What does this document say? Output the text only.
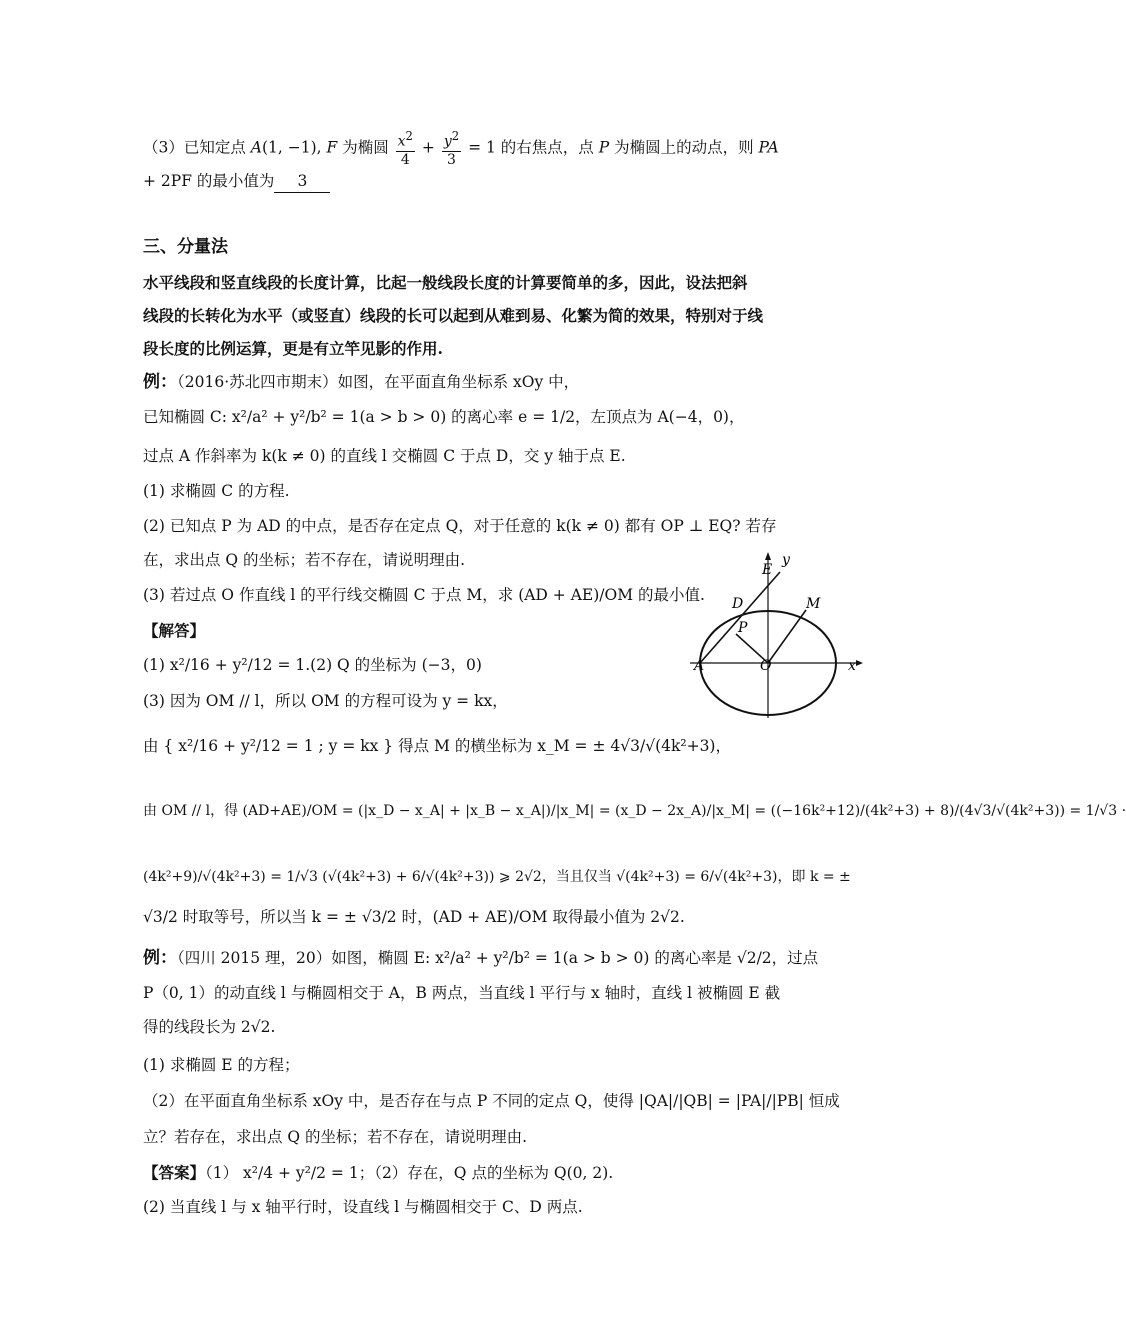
（3）已知定点 A(1, −1), F 为椭圆 $\frac{x^2}{4} + \frac{y^2}{3} = 1$ 的右焦点，点 P 为椭圆上的动点，则 PA
+ 2PF 的最小值为 3
三、分量法
水平线段和竖直线段的长度计算，比起一般线段长度的计算要简单的多，因此，设法把斜
线段的长转化为水平（或竖直）线段的长可以起到从难到易、化繁为简的效果，特别对于线
段长度的比例运算，更是有立竿见影的作用.
例：（2016·苏北四市期末）如图，在平面直角坐标系 xOy 中，
已知椭圆 C: x²/a² + y²/b² = 1(a > b > 0) 的离心率 e = 1/2，左顶点为 A(−4，0)，
过点 A 作斜率为 k(k ≠ 0) 的直线 l 交椭圆 C 于点 D，交 y 轴于点 E.
(1) 求椭圆 C 的方程.
(2) 已知点 P 为 AD 的中点，是否存在定点 Q，对于任意的 k(k ≠ 0) 都有 OP ⊥ EQ? 若存
在，求出点 Q 的坐标；若不存在，请说明理由.
(3) 若过点 O 作直线 l 的平行线交椭圆 C 于点 M，求 (AD + AE)/OM 的最小值.
【解答】
(1) x²/16 + y²/12 = 1.(2) Q 的坐标为 (−3，0)
(3) 因为 OM // l，所以 OM 的方程可设为 y = kx，
由 { x²/16 + y²/12 = 1 ; y = kx } 得点 M 的横坐标为 x_M = ± 4√3/√(4k²+3)，
由 OM // l，得 (AD+AE)/OM = (|x_D − x_A| + |x_B − x_A|)/|x_M| = (x_D − 2x_A)/|x_M| = ((−16k²+12)/(4k²+3) + 8)/(4√3/√(4k²+3)) = 1/√3 ·
(4k²+9)/√(4k²+3) = 1/√3 (√(4k²+3) + 6/√(4k²+3)) ⩾ 2√2，当且仅当 √(4k²+3) = 6/√(4k²+3)，即 k = ±
√3/2 时取等号，所以当 k = ± √3/2 时，(AD + AE)/OM 取得最小值为 2√2.
E
y
D	M
P
A	O	x
例：（四川 2015 理，20）如图，椭圆 E: x²/a² + y²/b² = 1(a > b > 0) 的离心率是 √2/2，过点
P（0, 1）的动直线 l 与椭圆相交于 A，B 两点，当直线 l 平行与 x 轴时，直线 l 被椭圆 E 截
得的线段长为 2√2.
(1) 求椭圆 E 的方程；
（2）在平面直角坐标系 xOy 中，是否存在与点 P 不同的定点 Q，使得 |QA|/|QB| = |PA|/|PB| 恒成
立？若存在，求出点 Q 的坐标；若不存在，请说明理由.
【答案】（1） x²/4 + y²/2 = 1；（2）存在，Q 点的坐标为 Q(0, 2).
(2) 当直线 l 与 x 轴平行时，设直线 l 与椭圆相交于 C、D 两点.
